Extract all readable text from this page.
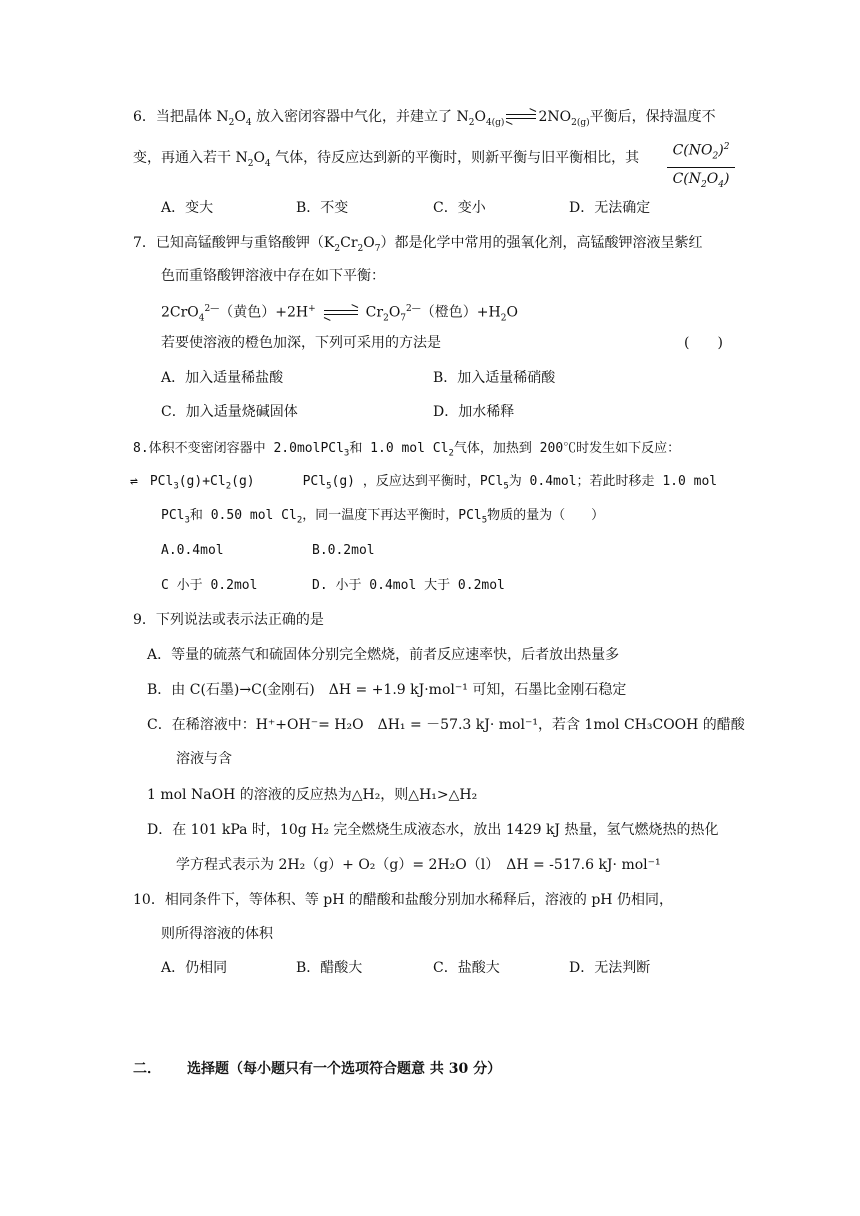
6．当把晶体 $N_2O_4$ 放入密闭容器中气化，并建立了 $N_2O_{4(g)}$ $2NO_{2(g)}$平衡后，保持温度不
变，再通入若干 $N_2O_4$ 气体，待反应达到新的平衡时，则新平衡与旧平衡相比，其	$C(NO_2)^2$
$C(N_2O_4)$
A．变大	B．不变	C．变小	D．无法确定
7．已知高锰酸钾与重铬酸钾$(K_2Cr_2O_7)$都是化学中常用的强氧化剂，高锰酸钾溶液呈紫红
色而重铬酸钾溶液中存在如下平衡：
2CrO$_4^{2—}$（黄色）+2H+	$Cr_2O_7^{2—}$（橙色）$+H_2O$
若要使溶液的橙色加深，下列可采用的方法是	(　　)
A．加入适量稀盐酸	B．加入适量稀硝酸
C．加入适量烧碱固体	D．加水稀释
8.体积不变密闭容器中 2.0molPCl$_3$和 1.0 mol $Cl_2$气体，加热到 200℃时发生如下反应：
⇌ $PCl_3(g)+Cl_2(g)$	PCl$_5$(g) ，反应达到平衡时，PCl$_5$为 0.4mol；若此时移走 1.0 mol
PCl$_3$和 0.50 mol $Cl_2$，同一温度下再达平衡时，PCl$_5$物质的量为（　　）
A.0.4mol	B.0.2mol
C 小于 0.2mol	D. 小于 0.4mol 大于 0.2mol
9．下列说法或表示法正确的是
A．等量的硫蒸气和硫固体分别完全燃烧，前者反应速率快，后者放出热量多
B．由 C(石墨)→C(金刚石)　ΔH = +1.9 kJ·mol⁻¹ 可知，石墨比金刚石稳定
C．在稀溶液中：H⁺+OH⁻= H₂O　ΔH₁ = －57.3 kJ· mol⁻¹，若含 1mol CH₃COOH 的醋酸
溶液与含
1 mol NaOH 的溶液的反应热为△H₂，则△H₁>△H₂
D．在 101 kPa 时，10g H₂ 完全燃烧生成液态水，放出 1429 kJ 热量，氢气燃烧热的热化
学方程式表示为 2H₂（g）+ O₂（g）= 2H₂O（l）　ΔH = -517.6 kJ· mol⁻¹
10．相同条件下，等体积、等 pH 的醋酸和盐酸分别加水稀释后，溶液的 pH 仍相同，
则所得溶液的体积
A．仍相同	B．醋酸大	C．盐酸大	D．无法判断
二． 选择题（每小题只有一个选项符合题意 共 30 分）
